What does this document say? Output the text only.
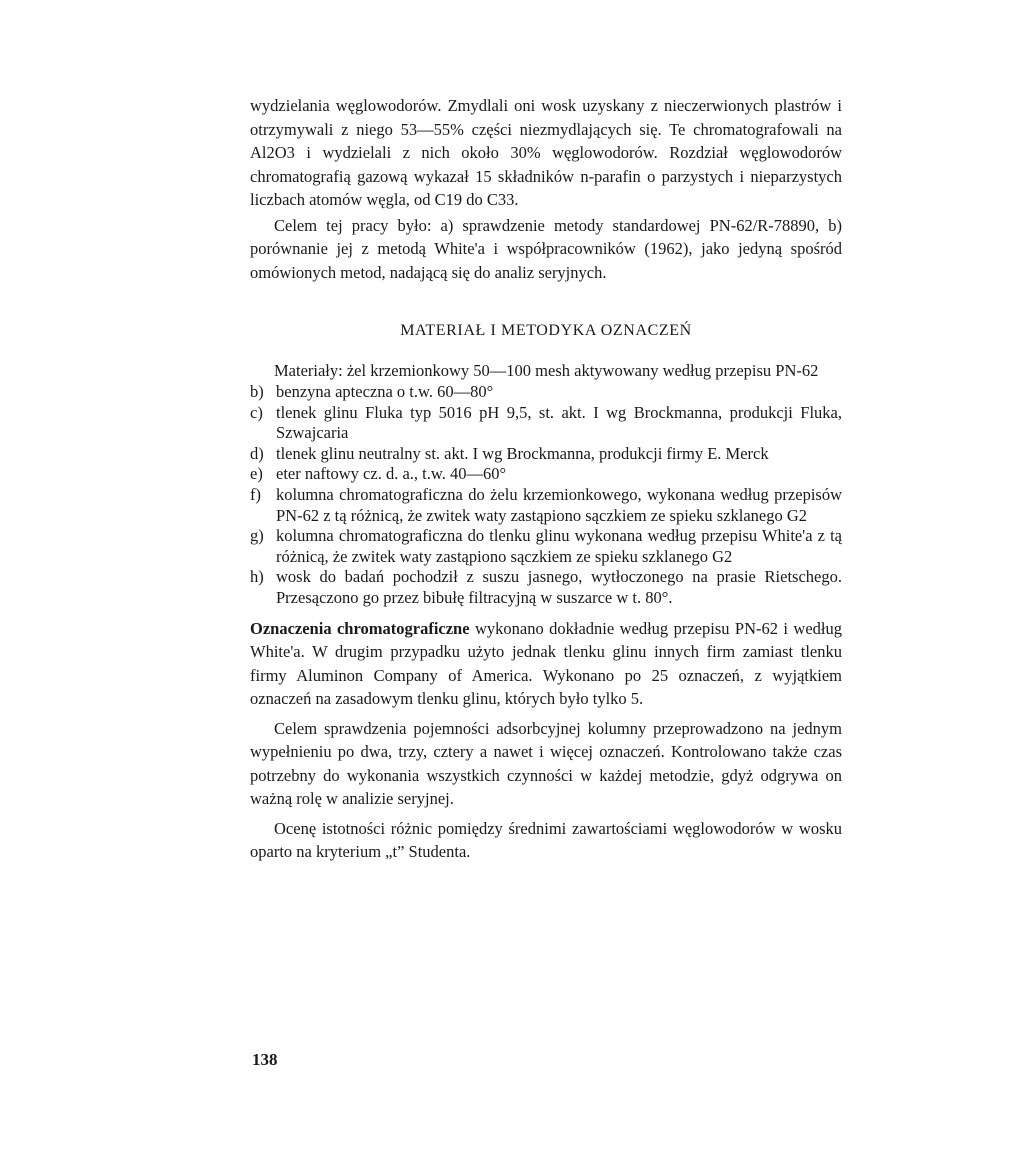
wydzielania węglowodorów. Zmydlali oni wosk uzyskany z nieczerwionych plastrów i otrzymywali z niego 53—55% części niezmydlających się. Te chromatografowali na Al2O3 i wydzielali z nich około 30% węglowodorów. Rozdział węglowodorów chromatografią gazową wykazał 15 składników n-parafin o parzystych i nieparzystych liczbach atomów węgla, od C19 do C33.

Celem tej pracy było: a) sprawdzenie metody standardowej PN-62/R-78890, b) porównanie jej z metodą White'a i współpracowników (1962), jako jedyną spośród omówionych metod, nadającą się do analiz seryjnych.

MATERIAŁ I METODYKA OZNACZEŃ

Materiały: żel krzemionkowy 50—100 mesh aktywowany według przepisu PN-62

b) benzyna apteczna o t.w. 60—80°
c) tlenek glinu Fluka typ 5016 pH 9,5, st. akt. I wg Brockmanna, produkcji Fluka, Szwajcaria
d) tlenek glinu neutralny st. akt. I wg Brockmanna, produkcji firmy E. Merck
e) eter naftowy cz. d. a., t.w. 40—60°
f) kolumna chromatograficzna do żelu krzemionkowego, wykonana według przepisów PN-62 z tą różnicą, że zwitek waty zastąpiono sączkiem ze spieku szklanego G2
g) kolumna chromatograficzna do tlenku glinu wykonana według przepisu White'a z tą różnicą, że zwitek waty zastąpiono sączkiem ze spieku szklanego G2
h) wosk do badań pochodził z suszu jasnego, wytłoczonego na prasie Rietschego. Przesączono go przez bibułę filtracyjną w suszarce w t. 80°.

Oznaczenia chromatograficzne wykonano dokładnie według przepisu PN-62 i według White'a. W drugim przypadku użyto jednak tlenku glinu innych firm zamiast tlenku firmy Aluminon Company of America. Wykonano po 25 oznaczeń, z wyjątkiem oznaczeń na zasadowym tlenku glinu, których było tylko 5.

Celem sprawdzenia pojemności adsorbcyjnej kolumny przeprowadzono na jednym wypełnieniu po dwa, trzy, cztery a nawet i więcej oznaczeń. Kontrolowano także czas potrzebny do wykonania wszystkich czynności w każdej metodzie, gdyż odgrywa on ważną rolę w analizie seryjnej.

Ocenę istotności różnic pomiędzy średnimi zawartościami węglowodorów w wosku oparto na kryterium „t” Studenta.

138
